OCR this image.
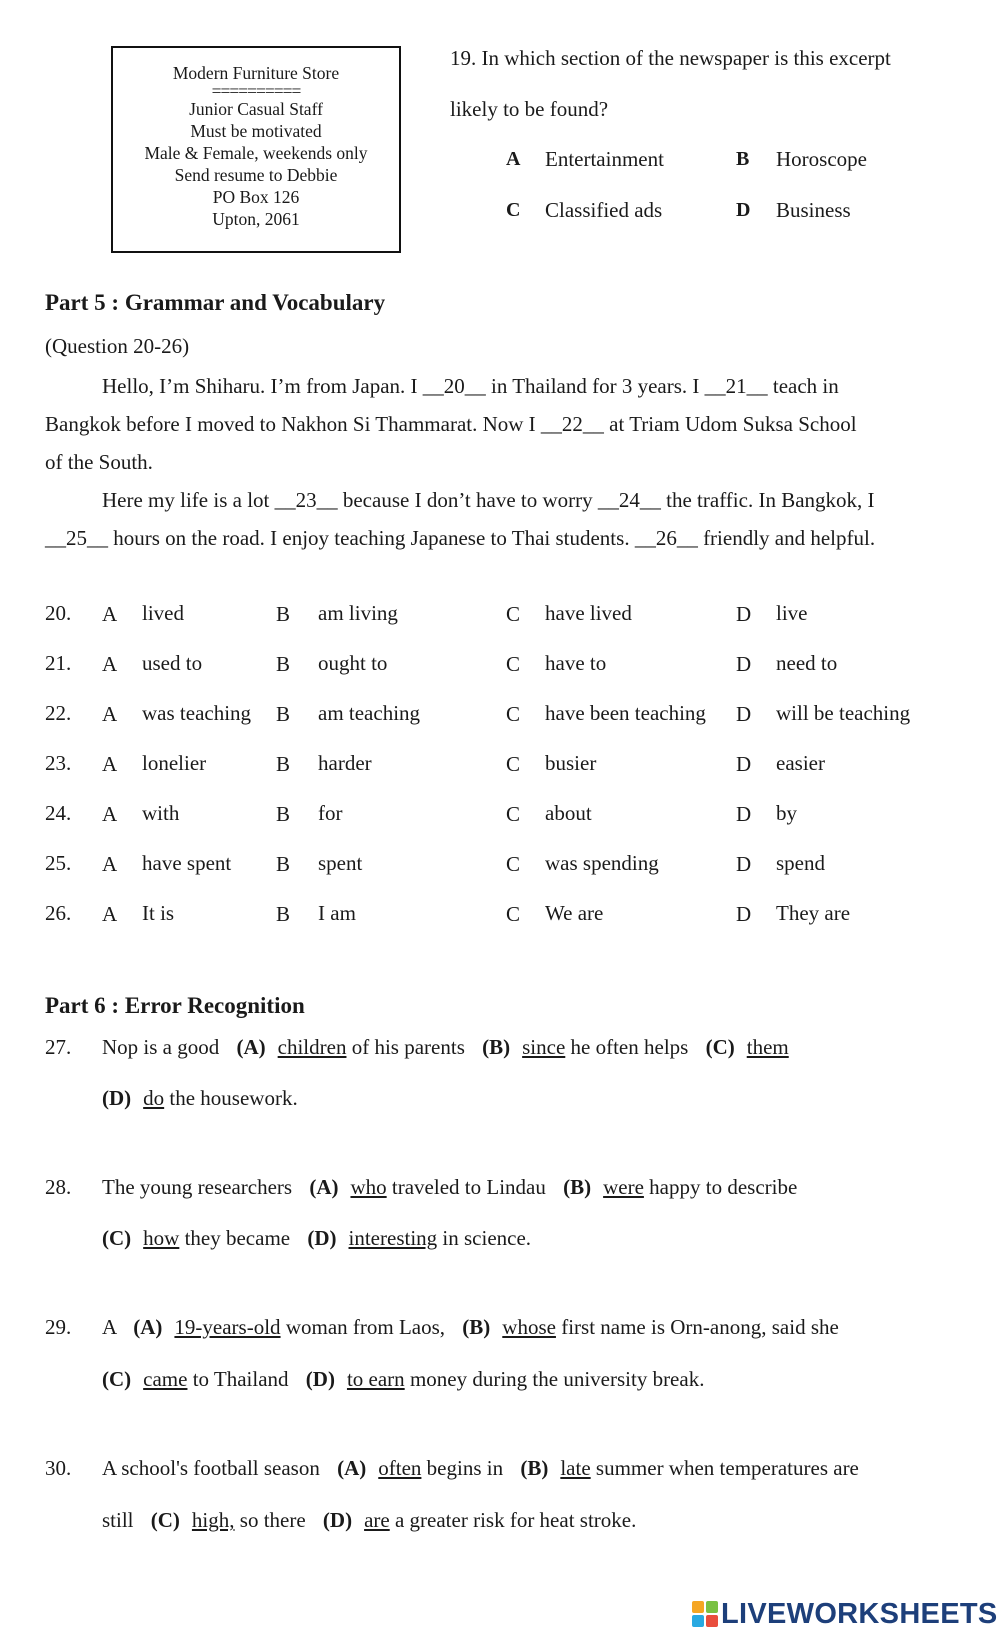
Modern Furniture Store
==========
Junior Casual Staff
Must be motivated
Male & Female, weekends only
Send resume to Debbie
PO Box 126
Upton, 2061
19. In which section of the newspaper is this excerpt
likely to be found?
A Entertainment	B Horoscope
C Classified ads	D Business
Part 5 : Grammar and Vocabulary
(Question 20-26)
Hello, I’m Shiharu. I’m from Japan. I __20__ in Thailand for 3 years. I __21__ teach in
Bangkok before I moved to Nakhon Si Thammarat. Now I __22__ at Triam Udom Suksa School
of the South.
Here my life is a lot __23__ because I don’t have to worry __24__ the traffic. In Bangkok, I
__25__ hours on the road. I enjoy teaching Japanese to Thai students. __26__ friendly and helpful.
20. A lived	B am living	C have lived	D live
21. A used to	B ought to	C have to	D need to
22. A was teaching B am teaching	C have been teaching D will be teaching
23. A lonelier	B harder	C busier	D easier
24. A with	B for	C about	D by
25. A have spent B spent	C was spending	D spend
26. A It is	B I am	C We are	D They are
Part 6 : Error Recognition
27. Nop is a good (A) children of his parents (B) since he often helps (C) them
(D) do the housework.
28. The young researchers (A) who traveled to Lindau (B) were happy to describe
(C) how they became (D) interesting in science.
29. A (A) 19-years-old woman from Laos, (B) whose first name is Orn-anong, said she
(C) came to Thailand (D) to earn money during the university break.
30. A school's football season (A) often begins in (B) late summer when temperatures are
still (C) high, so there (D) are a greater risk for heat stroke.
LIVEWORKSHEETS
